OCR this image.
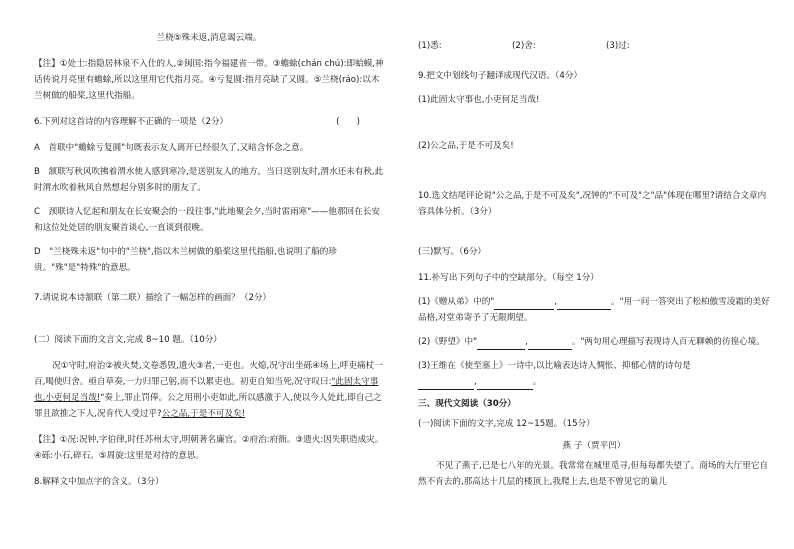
兰桡⑤殊未返,消息谒云端。

【注】①处士:指隐居林泉不入仕的人,②闽国:指今福建省一带。③蟾蜍(chán chú):即蛤蟆,神话传说月亮里有蟾蜍,所以这里用它代指月亮。④亏复圆:指月亮缺了又圆。⑤兰桡(ráo):以木兰树做的船桨,这里代指船。

6.下列对这首诗的内容理解不正确的一项是（2分）	(　　)

A　首联中"蟾蜍亏复圆"句既表示友人离开已经很久了,又暗含怀念之意。

B　颔联写秋风吹拂着渭水使人感到寒冷,是送别友人的地方。当日送别友时,渭水还未有秋,此时渭水吹着秋风自然想起分别多时的朋友了。

C　颈联诗人忆起和朋友在长安聚会的一段往事,"此地聚会夕,当时雷雨寒"——他那回在长安和这位处处居的朋友聚首谈心,一直谈到很晚。

D　"兰桡殊未返"句中的"兰桡",指以木兰树做的船桨这里代指船,也说明了船的珍贵。"殊"是"特殊"的意思。

7.请说说本诗颔联（第二联）描绘了一幅怎样的画面？（2分）

(二）阅读下面的文言文,完成 8~10 题。（10分）

况①守时,府治②被火焚,文卷悉毁,遗火③者,一吏也。火熄,况守出坐砾④场上,呼吏痛杖一百,喝使归舍。亟自草奏,一力归罪己躬,而不以累吏也。初吏自知当死,况守叹曰:"此固太守事也,小吏何足当哉!"奏上,罪止罚俸。公之用刑小吏如此,所以感激于人,使以今人处此,即自己之罪且欲推之下人,况肯代人受过乎?公之品,于是不可及矣!

【注】①况:况钟,字伯律,时任苏州太守,明朝著名廉官。②府治:府衙。③遗火:因失职造成灾。④砾:小石,碎石。⑤周旋:这里是对待的意思。

8.解释文中加点字的含义。（3分）

(1)悉:	(2)舍:	(3)过:

9.把文中划线句子翻译成现代汉语。（4分）

(1)此固太守事也,小吏何足当哉!

(2)公之品,于是不可及矣!

10.选文结尾评论说"公之品,于是不可及矣",况钟的"不可及"之"品"体现在哪里?请结合文章内容具体分析。（3分）

(三)默写。（6分）

11.补写出下列句子中的空缺部分。（每空 1分）

(1)《赠从弟》中的"	,	。"用一问一答突出了松柏傲雪凌霜的美好品格,对堂弟寄予了无限期望。

(2)《野望》中"	,	。"两句用心理描写表现诗人百无聊赖的彷徨心境。

(3)王维在《使至塞上》一诗中,以比喻表达诗人惆怅、抑郁心情的诗句是
,	。

三、现代文阅读（30分）

(一)阅读下面的文字,完成 12~15题。（15分）

燕 子（贾平凹）

不见了燕子,已是七八年的光景。我常常在城里觅寻,但每每都失望了。商场的大厅里它自然不肯去的,那高达十几层的楼顶上,我爬上去,也是不曾见它的巢儿
